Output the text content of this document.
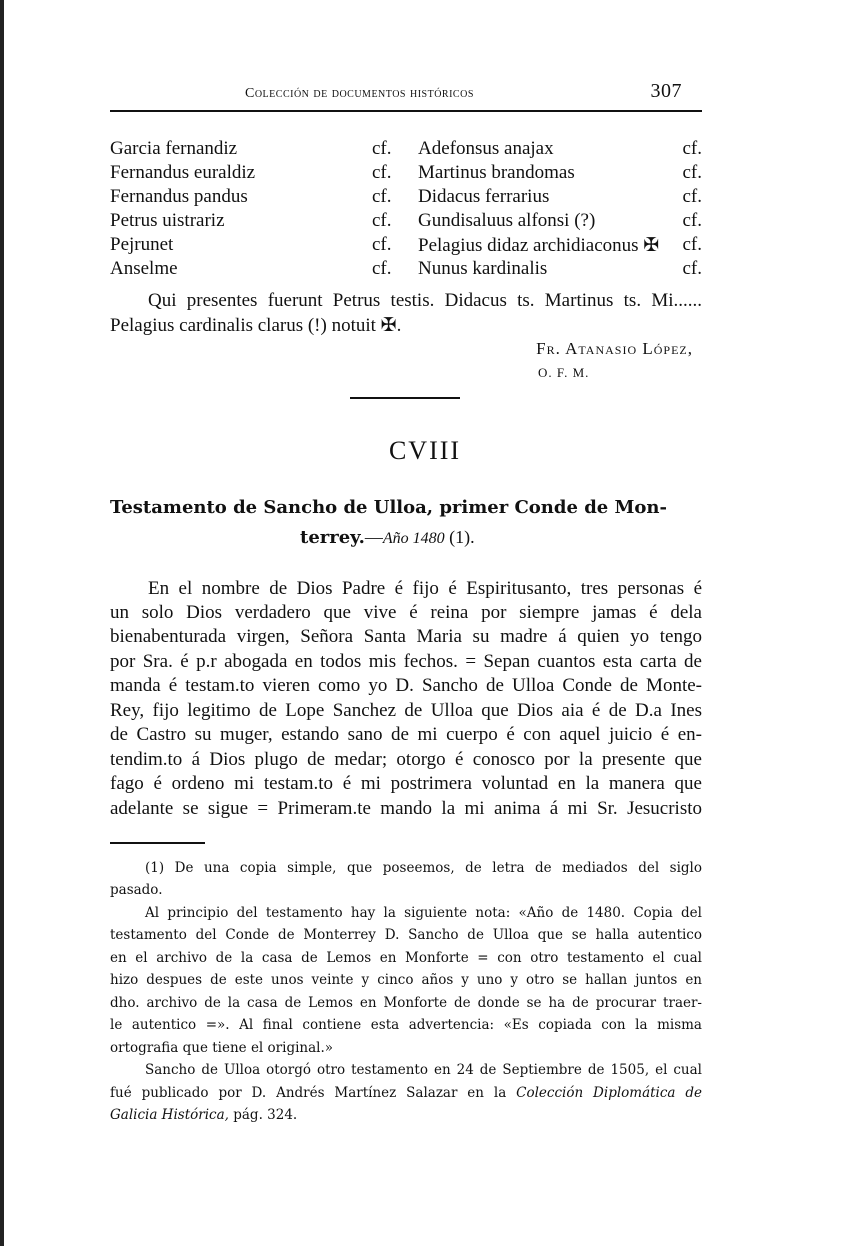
Colección de documentos históricos	307
Garcia fernandiz	cf. Adefonsus anajax	cf.
Fernandus euraldiz	cf. Martinus brandomas	cf.
Fernandus pandus	cf. Didacus ferrarius	cf.
Petrus uistrariz	cf. Gundisaluus alfonsi (?)	cf.
Pejrunet	cf. Pelagius didaz archidiaconus ✠ cf.
Anselme	cf. Nunus kardinalis	cf.
Qui presentes fuerunt Petrus testis. Didacus ts. Martinus ts. Mi......
Pelagius cardinalis clarus (!) notuit ✠.
Fr. Atanasio López,
O. F. M.
CVIII
Testamento de Sancho de Ulloa, primer Conde de Mon-
terrey.—Año 1480 (1).
En el nombre de Dios Padre é fijo é Espiritusanto, tres personas é
un solo Dios verdadero que vive é reina por siempre jamas é dela
bienabenturada virgen, Señora Santa Maria su madre á quien yo tengo
por Sra. é p.r abogada en todos mis fechos. = Sepan cuantos esta carta de
manda é testam.to vieren como yo D. Sancho de Ulloa Conde de Monte-
Rey, fijo legitimo de Lope Sanchez de Ulloa que Dios aia é de D.a Ines
de Castro su muger, estando sano de mi cuerpo é con aquel juicio é en-
tendim.to á Dios plugo de medar; otorgo é conosco por la presente que
fago é ordeno mi testam.to é mi postrimera voluntad en la manera que
adelante se sigue = Primeram.te mando la mi anima á mi Sr. Jesucristo
(1) De una copia simple, que poseemos, de letra de mediados del siglo
pasado.
Al principio del testamento hay la siguiente nota: «Año de 1480. Copia del
testamento del Conde de Monterrey D. Sancho de Ulloa que se halla autentico
en el archivo de la casa de Lemos en Monforte = con otro testamento el cual
hizo despues de este unos veinte y cinco años y uno y otro se hallan juntos en
dho. archivo de la casa de Lemos en Monforte de donde se ha de procurar traer-
le autentico =». Al final contiene esta advertencia: «Es copiada con la misma
ortografia que tiene el original.»
Sancho de Ulloa otorgó otro testamento en 24 de Septiembre de 1505, el cual
fué publicado por D. Andrés Martínez Salazar en la Colección Diplomática de
Galicia Histórica, pág. 324.
